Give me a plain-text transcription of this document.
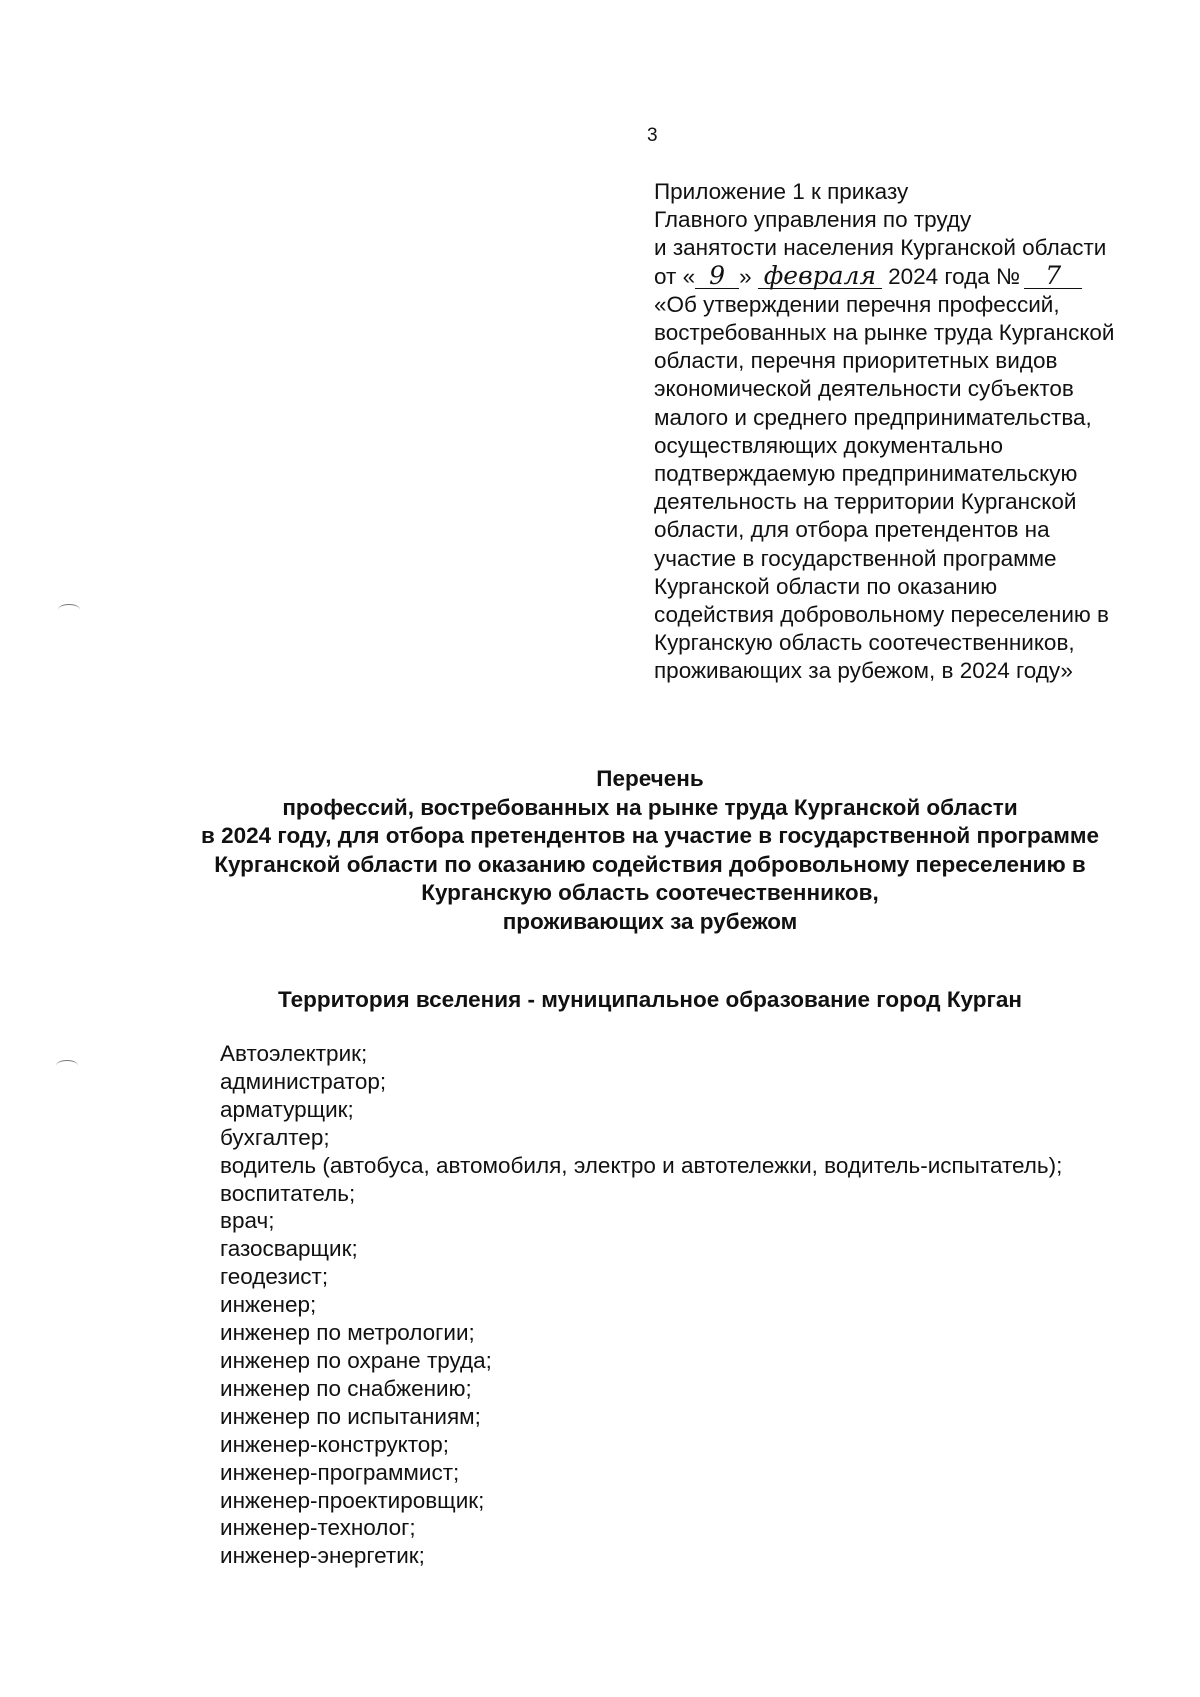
3
Приложение 1 к приказу
Главного управления по труду
и занятости населения Курганской области
от « 9 » февраля 2024 года № 7
«Об утверждении перечня профессий,
востребованных на рынке труда Курганской
области, перечня приоритетных видов
экономической деятельности субъектов
малого и среднего предпринимательства,
осуществляющих документально
подтверждаемую предпринимательскую
деятельность на территории Курганской
области, для отбора претендентов на
участие в государственной программе
Курганской области по оказанию
содействия добровольному переселению в
Курганскую область соотечественников,
проживающих за рубежом, в 2024 году»
Перечень
профессий, востребованных на рынке труда Курганской области
в 2024 году, для отбора претендентов на участие в государственной программе
Курганской области по оказанию содействия добровольному переселению в
Курганскую область соотечественников,
проживающих за рубежом
Территория вселения - муниципальное образование город Курган
Автоэлектрик;
администратор;
арматурщик;
бухгалтер;
водитель (автобуса, автомобиля, электро и автотележки, водитель-испытатель);
воспитатель;
врач;
газосварщик;
геодезист;
инженер;
инженер по метрологии;
инженер по охране труда;
инженер по снабжению;
инженер по испытаниям;
инженер-конструктор;
инженер-программист;
инженер-проектировщик;
инженер-технолог;
инженер-энергетик;
